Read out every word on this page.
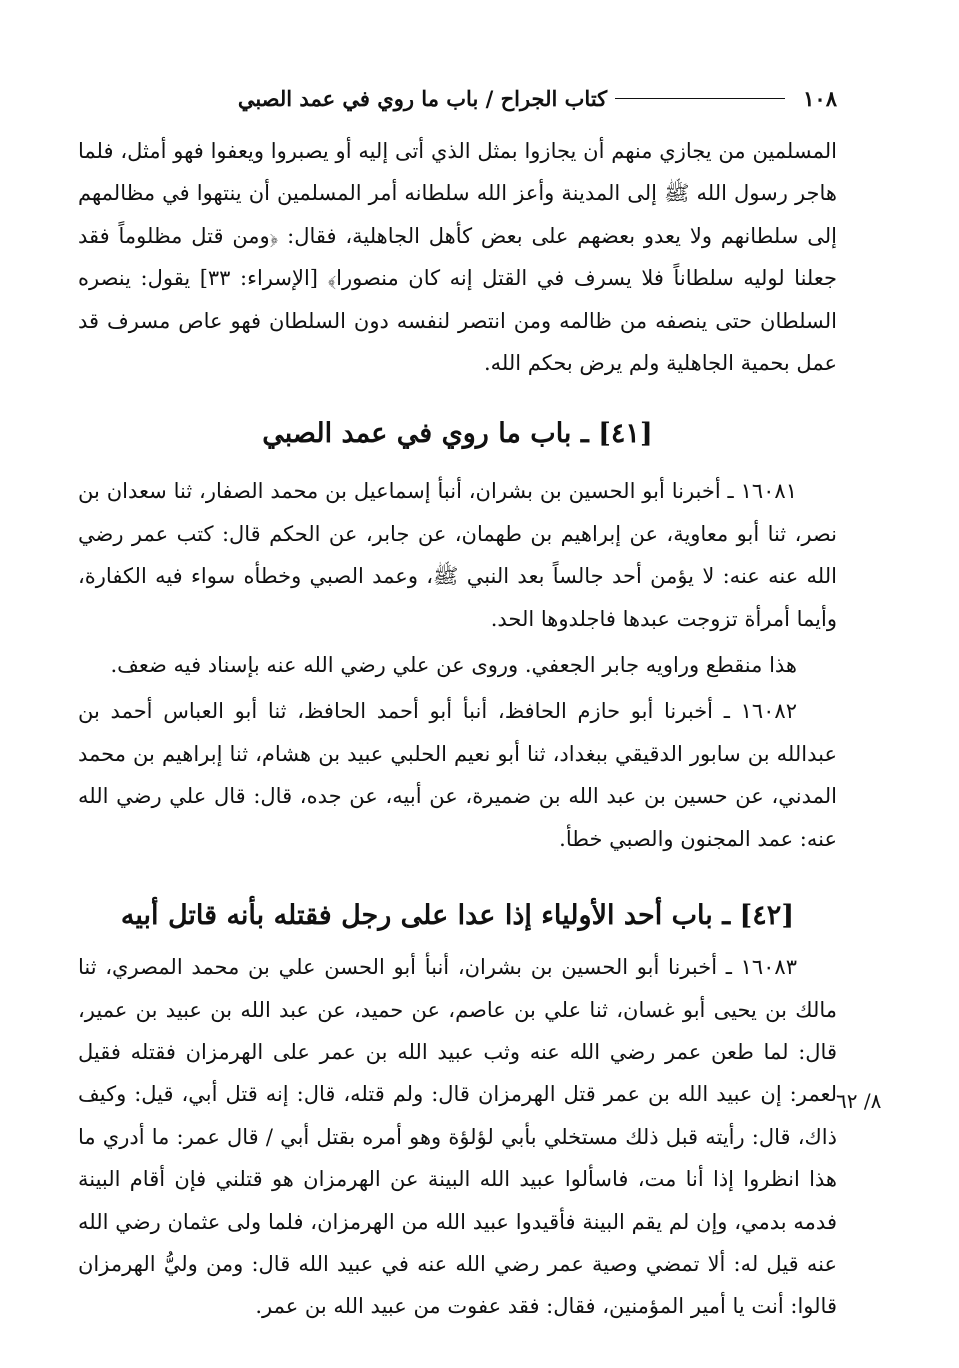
١٠٨
كتاب الجراح / باب ما روي في عمد الصبي

المسلمين من يجازي منهم أن يجازوا بمثل الذي أتى إليه أو يصبروا ويعفوا فهو أمثل، فلما هاجر رسول الله ﷺ إلى المدينة وأعز الله سلطانه أمر المسلمين أن ينتهوا في مظالمهم إلى سلطانهم ولا يعدو بعضهم على بعض كأهل الجاهلية، فقال: ﴿ومن قتل مظلوماً فقد جعلنا لوليه سلطاناً فلا يسرف في القتل إنه كان منصورا﴾ [الإسراء: ٣٣] يقول: ينصره السلطان حتى ينصفه من ظالمه ومن انتصر لنفسه دون السلطان فهو عاص مسرف قد عمل بحمية الجاهلية ولم يرض بحكم الله.

[٤١] ـ باب ما روي في عمد الصبي

١٦٠٨١ ـ أخبرنا أبو الحسين بن بشران، أنبأ إسماعيل بن محمد الصفار، ثنا سعدان بن نصر، ثنا أبو معاوية، عن إبراهيم بن طهمان، عن جابر، عن الحكم قال: كتب عمر رضي الله عنه عنه: لا يؤمن أحد جالساً بعد النبي ﷺ، وعمد الصبي وخطأه سواء فيه الكفارة، وأيما أمرأة تزوجت عبدها فاجلدوها الحد.

هذا منقطع وراويه جابر الجعفي. وروى عن علي رضي الله عنه بإسناد فيه ضعف.

١٦٠٨٢ ـ أخبرنا أبو حازم الحافظ، أنبأ أبو أحمد الحافظ، ثنا أبو العباس أحمد بن عبدالله بن سابور الدقيقي ببغداد، ثنا أبو نعيم الحلبي عبيد بن هشام، ثنا إبراهيم بن محمد المدني، عن حسين بن عبد الله بن ضميرة، عن أبيه، عن جده، قال: قال علي رضي الله عنه: عمد المجنون والصبي خطأ.

[٤٢] ـ باب أحد الأولياء إذا عدا على رجل فقتله بأنه قاتل أبيه

١٦٠٨٣ ـ أخبرنا أبو الحسين بن بشران، أنبأ أبو الحسن علي بن محمد المصري، ثنا مالك بن يحيى أبو غسان، ثنا علي بن عاصم، عن حميد، عن عبد الله بن عبيد بن عمير، قال: لما طعن عمر رضي الله عنه وثب عبيد الله بن عمر على الهرمزان فقتله فقيل لعمر: إن عبيد الله بن عمر قتل الهرمزان قال: ولم قتله، قال: إنه قتل أبي، قيل: وكيف ذاك، قال: رأيته قبل ذلك مستخلي بأبي لؤلؤة وهو أمره بقتل أبي / قال عمر: ما أدري ما هذا انظروا إذا أنا مت، فاسألوا عبيد الله البينة عن الهرمزان هو قتلني فإن أقام البينة فدمه بدمي، وإن لم يقم البينة فأقيدوا عبيد الله من الهرمزان، فلما ولى عثمان رضي الله عنه قيل له: ألا تمضي وصية عمر رضي الله عنه في عبيد الله قال: ومن وليُّ الهرمزان قالوا: أنت يا أمير المؤمنين، فقال: فقد عفوت من عبيد الله بن عمر.

٨/ ٦٢
